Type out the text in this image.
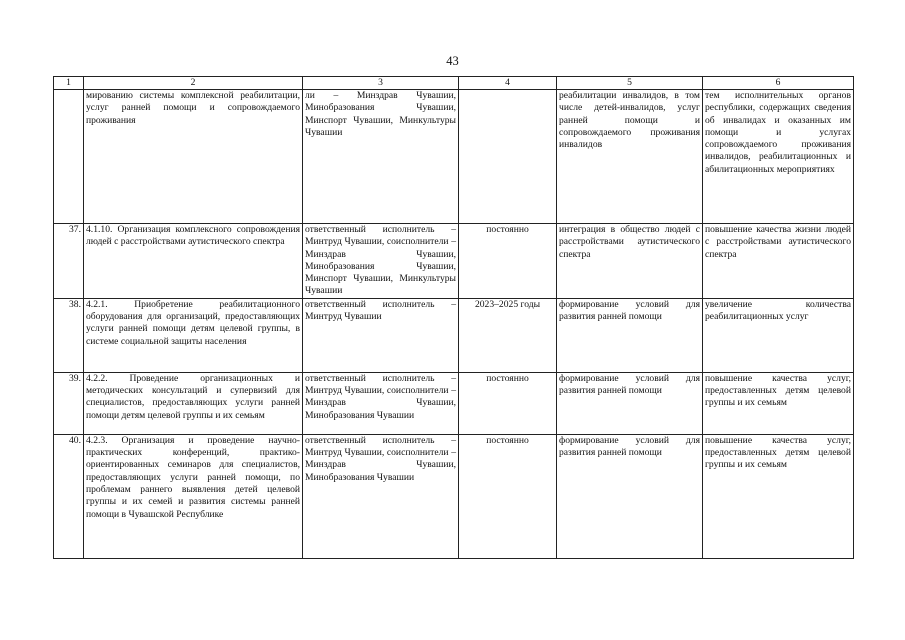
43
1	2	3	4	5	6
	мированию системы комплексной реабилитации, услуг ранней помощи и сопровождаемого проживания	ли – Минздрав Чувашии, Минобразования Чувашии, Минспорт Чувашии, Минкультуры Чувашии		реабилитации инвалидов, в том числе детей-инвалидов, услуг ранней помощи и сопровождаемого проживания инвалидов	тем исполнительных органов республики, содержащих сведения об инвалидах и оказанных им помощи и услугах сопровождаемого проживания инвалидов, реабилитационных и абилитационных мероприятиях
37.	4.1.10. Организация комплексного сопровождения людей с расстройствами аутистического спектра	ответственный исполнитель – Минтруд Чувашии, соисполнители – Минздрав Чувашии, Минобразования Чувашии, Минспорт Чувашии, Минкультуры Чувашии	постоянно	интеграция в общество людей с расстройствами аутистического спектра	повышение качества жизни людей с расстройствами аутистического спектра
38.	4.2.1. Приобретение реабилитационного оборудования для организаций, предоставляющих услуги ранней помощи детям целевой группы, в системе социальной защиты населения	ответственный исполнитель – Минтруд Чувашии	2023–2025 годы	формирование условий для развития ранней помощи	увеличение количества реабилитационных услуг
39.	4.2.2. Проведение организационных и методических консультаций и супервизий для специалистов, предоставляющих услуги ранней помощи детям целевой группы и их семьям	ответственный исполнитель – Минтруд Чувашии, соисполнители – Минздрав Чувашии, Минобразования Чувашии	постоянно	формирование условий для развития ранней помощи	повышение качества услуг, предоставленных детям целевой группы и их семьям
40.	4.2.3. Организация и проведение научно-практических конференций, практико-ориентированных семинаров для специалистов, предоставляющих услуги ранней помощи, по проблемам раннего выявления детей целевой группы и их семей и развития системы ранней помощи в Чувашской Республике	ответственный исполнитель – Минтруд Чувашии, соисполнители – Минздрав Чувашии, Минобразования Чувашии	постоянно	формирование условий для развития ранней помощи	повышение качества услуг, предоставленных детям целевой группы и их семьям
